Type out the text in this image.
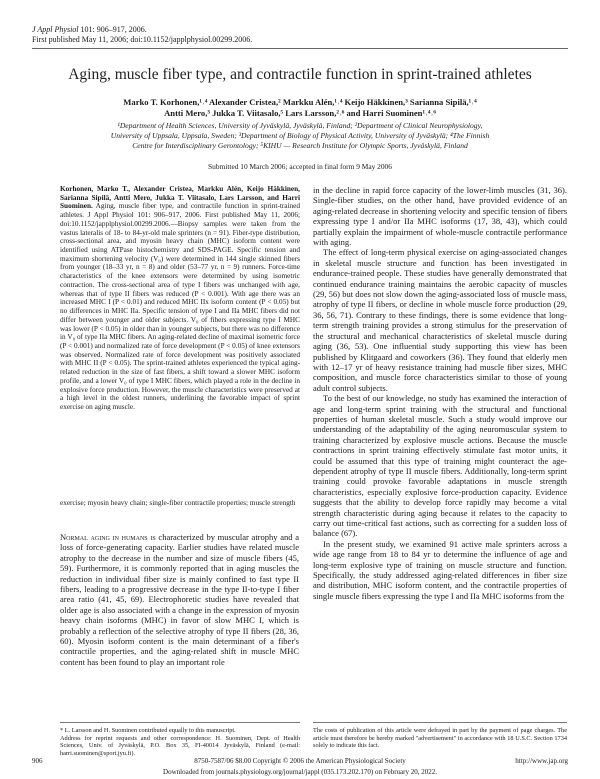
J Appl Physiol 101: 906–917, 2006.
First published May 11, 2006; doi:10.1152/japplphysiol.00299.2006.
Aging, muscle fiber type, and contractile function in sprint-trained athletes
Marko T. Korhonen,¹˒⁴ Alexander Cristea,² Markku Alén,¹˒⁴ Keijo Häkkinen,³ Sarianna Sipilä,¹˒⁴
Antti Mero,³ Jukka T. Viitasalo,⁵ Lars Larsson,²˒⁶ and Harri Suominen¹˒⁴˒⁶
¹Department of Health Sciences, University of Jyväskylä, Jyväskylä, Finland; ²Department of Clinical Neurophysiology,
University of Uppsala, Uppsala, Sweden; ³Department of Biology of Physical Activity, University of Jyväskylä; ⁴The Finnish
Centre for Interdisciplinary Gerontology; ⁵KIHU — Research Institute for Olympic Sports, Jyväskylä, Finland
Submitted 10 March 2006; accepted in final form 9 May 2006
Korhonen, Marko T., Alexander Cristea, Markku Alén, Keijo Häkkinen, Sarianna Sipilä, Antti Mero, Jukka T. Viitasalo, Lars Larsson, and Harri Suominen. Aging, muscle fiber type, and contractile function in sprint-trained athletes. J Appl Physiol 101: 906–917, 2006. First published May 11, 2006; doi:10.1152/japplphysiol.00299.2006.—Biopsy samples were taken from the vastus lateralis of 18- to 84-yr-old male sprinters (n = 91). Fiber-type distribution, cross-sectional area, and myosin heavy chain (MHC) isoform content were identified using ATPase histochemistry and SDS-PAGE. Specific tension and maximum shortening velocity (V₀) were determined in 144 single skinned fibers from younger (18–33 yr, n = 8) and older (53–77 yr, n = 9) runners. Force-time characteristics of the knee extensors were determined by using isometric contraction. The cross-sectional area of type I fibers was unchanged with age, whereas that of type II fibers was reduced (P < 0.001). With age there was an increased MHC I (P < 0.01) and reduced MHC IIx isoform content (P < 0.05) but no differences in MHC IIa. Specific tension of type I and IIa MHC fibers did not differ between younger and older subjects. V₀ of fibers expressing type I MHC was lower (P < 0.05) in older than in younger subjects, but there was no difference in V₀ of type IIa MHC fibers. An aging-related decline of maximal isometric force (P < 0.001) and normalized rate of force development (P < 0.05) of knee extensors was observed. Normalized rate of force development was positively associated with MHC II (P < 0.05). The sprint-trained athletes experienced the typical aging-related reduction in the size of fast fibers, a shift toward a slower MHC isoform profile, and a lower V₀ of type I MHC fibers, which played a role in the decline in explosive force production. However, the muscle characteristics were preserved at a high level in the oldest runners, underlining the favorable impact of sprint exercise on aging muscle.
exercise; myosin heavy chain; single-fiber contractile properties; muscle strength
Normal aging in humans is characterized by muscular atrophy and a loss of force-generating capacity. Earlier studies have related muscle atrophy to the decrease in the number and size of muscle fibers (45, 59). Furthermore, it is commonly reported that in aging muscles the reduction in individual fiber size is mainly confined to fast type II fibers, leading to a progressive decrease in the type II-to-type I fiber area ratio (41, 45, 69). Electrophoretic studies have revealed that older age is also associated with a change in the expression of myosin heavy chain isoforms (MHC) in favor of slow MHC I, which is probably a reflection of the selective atrophy of type II fibers (28, 36, 60). Myosin isoform content is the main determinant of a fiber's contractile properties, and the aging-related shift in muscle MHC content has been found to play an important role

in the decline in rapid force capacity of the lower-limb muscles (31, 36). Single-fiber studies, on the other hand, have provided evidence of an aging-related decrease in shortening velocity and specific tension of fibers expressing type I and/or IIa MHC isoforms (17, 38, 43), which could partially explain the impairment of whole-muscle contractile performance with aging.

The effect of long-term physical exercise on aging-associated changes in skeletal muscle structure and function has been investigated in endurance-trained people. These studies have generally demonstrated that continued endurance training maintains the aerobic capacity of muscles (29, 56) but does not slow down the aging-associated loss of muscle mass, atrophy of type II fibers, or decline in whole muscle force production (29, 36, 56, 71). Contrary to these findings, there is some evidence that long-term strength training provides a strong stimulus for the preservation of the structural and mechanical characteristics of skeletal muscle during aging (36, 53). One influential study supporting this view has been published by Klitgaard and coworkers (36). They found that elderly men with 12–17 yr of heavy resistance training had muscle fiber sizes, MHC composition, and muscle force characteristics similar to those of young adult control subjects.

To the best of our knowledge, no study has examined the interaction of age and long-term sprint training with the structural and functional properties of human skeletal muscle. Such a study would improve our understanding of the adaptability of the aging neuromuscular system to training characterized by explosive muscle actions. Because the muscle contractions in sprint training effectively stimulate fast motor units, it could be assumed that this type of training might counteract the age-dependent atrophy of type II muscle fibers. Additionally, long-term sprint training could provoke favorable adaptations in muscle strength characteristics, especially explosive force-production capacity. Evidence suggests that the ability to develop force rapidly may become a vital strength characteristic during aging because it relates to the capacity to carry out time-critical fast actions, such as correcting for a sudden loss of balance (67).

In the present study, we examined 91 active male sprinters across a wide age range from 18 to 84 yr to determine the influence of age and long-term explosive type of training on muscle structure and function. Specifically, the study addressed aging-related differences in fiber size and distribution, MHC isoform content, and the contractile properties of single muscle fibers expressing the type I and IIa MHC isoforms from the

* L. Larsson and H. Suominen contributed equally to this manuscript.
Address for reprint requests and other correspondence: H. Suominen, Dept. of Health Sciences, Univ. of Jyväskylä, P.O. Box 35, FI-40014 Jyväskylä, Finland (e-mail: harri.suominen@sport.jyu.fi).
The costs of publication of this article were defrayed in part by the payment of page charges. The article must therefore be hereby marked "advertisement" in accordance with 18 U.S.C. Section 1734 solely to indicate this fact.
906	8750-7587/06 $8.00 Copyright © 2006 the American Physiological Society	http://www.jap.org
Downloaded from journals.physiology.org/journal/jappl (035.173.202.170) on February 20, 2022.
